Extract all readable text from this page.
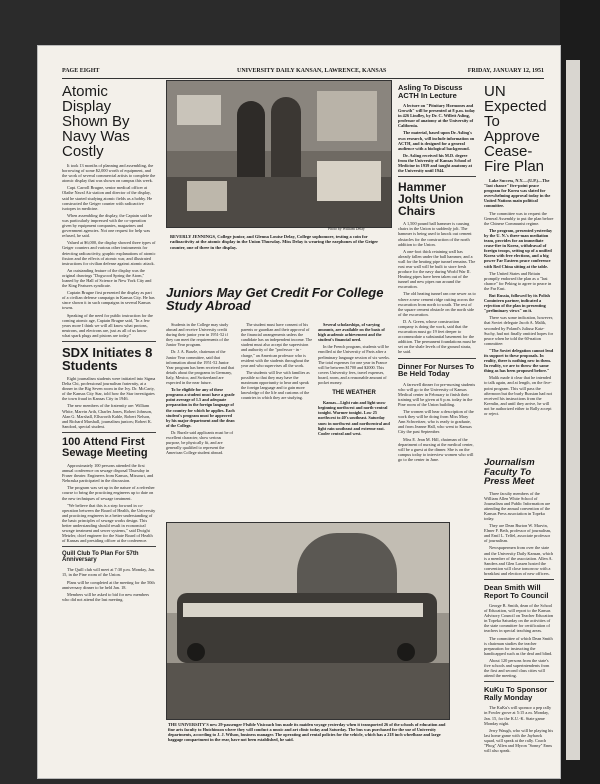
PAGE EIGHT	UNIVERSITY DAILY KANSAN, LAWRENCE, KANSAS	FRIDAY, JANUARY 12, 1951
Atomic Display Shown By Navy Was Costly

It took 13 months of planning and assembling, the borrowing of some $2,000 worth of equipment, and the work of several commercial artists to complete the atomic display that was shown on campus this week.

Capt. Carroll Brugne, senior medical officer at Olathe Naval Air station and director of the display, said he started studying atomic fields as a hobby. He constructed the Geiger counter with radioactive isotopes in medicine.

When assembling the display, the Captain said he was particularly impressed with the co-operation given by equipment companies, magazines and government agencies. Not one request for help was refused, he said.

Valued at $6,000, the display showed three types of Geiger counters and various other instruments for detecting radioactivity, graphic explanations of atomic fission and the effects of atomic war, and illustrated instructions for civilian defense against atomic attack.

An outstanding feature of the display was the original drawings "Dogwood Spring the Atom," loaned by the Hall of Science in New York City and the King Features syndicate.

Captain Brugne first presented the display as part of a civilian defense campaign in Kansas City. He has since shown it in such campaigns in several Kansas towns.

Speaking of the need for public instruction for the coming atomic age, Captain Brugne said, "In a few years more I think we will all know what protons, neutrons, and electrons are, just as all of us know what spark plugs and pistons are today."

SDX Initiates 8 Students

Eight journalism students were initiated into Sigma Delta Chi, professional journalism fraternity, at a dinner in the Big Seven room in the Ivy. Dr. McCarty, of the Kansas City Star, told how the Star investigates the town fraud in Kansas City in 1946.

The new members of the fraternity are: William White, Marvin Arth, Charles Jones, Robert Johnson, Alan G. Marshall, Ellsworth Kahle, Robert Nelson, and Richard Marshall, journalism juniors; Robert K. Sandord, special student.

100 Attend First Sewage Meeting

Approximately 100 persons attended the first annual conference on sewage disposal Thursday in Fraser theater. Engineers from Kansas, Missouri, and Nebraska participated in the discussion.

The program was set up in the nature of a refresher course to bring the practicing engineers up to date on the new techniques of sewage treatment.

"We believe that this is a step forward in co-operation between the Board of Health, the University and practicing engineers in a better understanding of the basic principles of sewage works design. This better understanding should result in economical sewage treatment and sewer systems," said Dwight Metzler, chief engineer for the State Board of Health of Kansas and presiding officer at the conference.

Quill Club To Plan For 57th Anniversary

The Quill club will meet at 7:30 p.m. Monday, Jan. 15, in the Pine room of the Union.

Plans will be completed at the meeting for the 50th anniversary dinner to be held Jan. 18.

Members will be asked to bid for new members who did not attend the last meeting.

Photo by William Delay
BEVERLY JENNINGS, College junior, and Glenna Louise Delay, College sophomore, testing a coin for radioactivity at the atomic display in the Union Thursday. Miss Delay is wearing the earphones of the Geiger counter, one of three in the display.
Juniors May Get Credit For College Study Abroad

Students in the College may study abroad and receive University credit during their junior year in 1951-52 if they can meet the requirements of the Junior Year program.

Dr. J. A. Burzle, chairman of the Junior Year committee, said that information about the 1951-52 Junior Year program has been received and that details about the programs in Germany, Italy, Mexico, and Switzerland are expected in the near future.

To be eligible for any of these programs a student must have a grade point average of 1.5 and adequate preparation in the foreign language of the country for which he applies. Each student's program must be approved by his major department and the dean of the College.

Dr. Burzle said applicants must be of excellent character, show serious purpose, be physically fit, and are generally qualified to represent the American College student abroad.

The student must have consent of his parents or guardian and their approval of the financial arrangements unless the candidate has an independent income. The student must also accept the supervision and authority of the "professor - in - charge," an American professor who is resident with the students throughout the year and who supervises all the work.

The students will live with families as possible so that they may have the maximum opportunity to hear and speak the foreign language and to gain more knowledge of the life and customs of the countries in which they are studying.

Several scholarships, of varying amounts, are available on the basis of high academic achievement and the student's financial need.

In the French program, students will be enrolled at the University of Paris after a preliminary language session of six weeks. The total expenses for one year in France will be between $1700 and $2000. This covers University fees, travel expenses, board, room, and a reasonable amount of pocket money.

THE WEATHER

Kansas—Light rain and light snow beginning northwest and north-central tonight. Warmer tonight. Low 25 northwest to 40's southeast. Saturday snow in northwest and northcentral and light rain southeast and extreme east. Cooler central and west.

THE UNIVERSITY'S new 29-passenger Flxible Visicoach bus made its maiden voyage yesterday when it transported 26 of the schools of education and fine arts faculty to Hutchinson where they will conduct a music and art clinic today and Saturday. The bus was purchased for the use of University departments, according to J. J. Wilson, business manager. The operating and rental policies for the vehicle, which has a 218 inch wheelbase and large baggage compartment in the rear, have not been established, he said.
Asling To Discuss ACTH In Lecture

A lecture on "Pituitary Hormones and Growth" will be presented at 8 p.m. today in 426 Lindley, by Dr. C. Willett Asling, professor of anatomy at the University of California.

The material, based upon Dr. Asling's own research, will include information on ACTH, and is designed for a general audience with a biological background.

Dr. Asling received his M.D. degree from the University of Kansas School of Medicine in 1939 and taught anatomy at the University until 1944.

Hammer Jolts Union Chairs

A 1,500 pound ball hammer is causing chairs in the Union to suddenly jolt. The hammer is being used to knock out cement obstacles for the construction of the north addition to the Union.

A one-foot thick retaining wall has already fallen under the ball hammer, and a wall for the heating pipe tunnel remains. The east rear wall will be built to store fresh produce for the navy during World War II. Heating pipes have been taken out of the tunnel and new pipes run around the excavation.

The old heating tunnel ran one sewer as to where a new cement ridge cutting across the excavation from north to south. The rest of the square cement obstacle on the north side of the excavation.

D. A. Green, whose construction company is doing the work, said that the excavation must go 19 feet deeper to accommodate a substantial basement for the addition. The permanent foundations must be set on the shale levels of the ground strata, he said.

Dinner For Nurses To Be Held Today

A farewell dinner for pre-nursing students who will go to the University of Kansas Medical center in February to finish their training will be given at 6 p.m. today in the Pine room of the Union building.

The women will hear a description of the work they will be doing from Miss Mary Ann Schweitzer, who is ready to graduate, and from Jeanne Hall, who went to Kansas City the past September.

Miss E. Jean M. Hill, chairman of the department of nursing at the medical center, will be a guest at the dinner. She is on the campus today to interview women who will go to the center in June.

UN Expected To Approve Cease-Fire Plan

Lake Success, N.Y.—(U.P.)—The "last chance" five-point peace program for Korea was slated for overwhelming approval today in the United Nations main political committee.

The committee was to request the General Assembly to put the plan before the Chinese Communist regime.

The program, presented yesterday by the U. N.'s three-man mediation team, provides for an immediate cease-fire in Korea, withdrawal of foreign troops, setting up of a unified Korea with free elections, and a big power Far Eastern peace conference with Red China sitting at the table.

The United States and Britain promptly endorsed the plan as a "last chance" for Peking to agree to peace in the Far East.

But Russia, followed by its Polish Comintern partner, indicated a rejection of the plan in presenting "preliminary views" on it.

There was some indication, however, that Soviet delegate Jacob A. Malik, seconded by Poland's Juliusz Katz-Suchy, had not finally omitted hopes for peace when he told the 60-nation committee:

"The Soviet delegation cannot lend its support to these proposals. In reality, there is nothing new in them. In reality, we are to throw the same thing as has been proposed before."

Malik made it clear that he intended to talk again, and at length, on the five-point program. This will pass the afternoon but the burly Russian had not received his instructions from the Kremlin, and until they arrive, he will not be authorized either to Rally accept or reject.

Journalism Faculty To Press Meet

Three faculty members of the William Allen White School of Journalism and Public Information are attending the annual convention of the Kansas Press association in Topeka today.

They are Dean Burton W. Marvin, Elmer F. Beth, professor of journalism, and Emil L. Telfel, associate professor of journalism.

Newspapermen from over the state and the University Daily Kansan, which is a member of the association. Allen A. Sanders and Glen Lassen hosted the convention will close tomorrow with a breakfast and election of new officers.

Dean Smith Will Report To Council

George B. Smith, dean of the School of Education, will report to the Kansas Advisory Council on Teacher Education in Topeka Saturday on the activities of the state committee for certification of teachers in special teaching areas.

The committee of which Dean Smith is chairman studies the teacher preparation for instructing the handicapped such as the deaf and blind.

About 120 persons from the state's five schools and superintendents from the first and second class cities will attend the meeting.

KuKu To Sponsor Rally Monday

The KuKu's will sponsor a pep rally in Fowler grove at 5:15 a.m. Monday, Jan. 15, for the K.U.-K. State game Monday night.

Jerry Waugh, who will be playing his last home game with the Jayhawk squad, will speak at the rally. Coach "Phog" Allen and Myron "Sonny" Enns will also speak.
